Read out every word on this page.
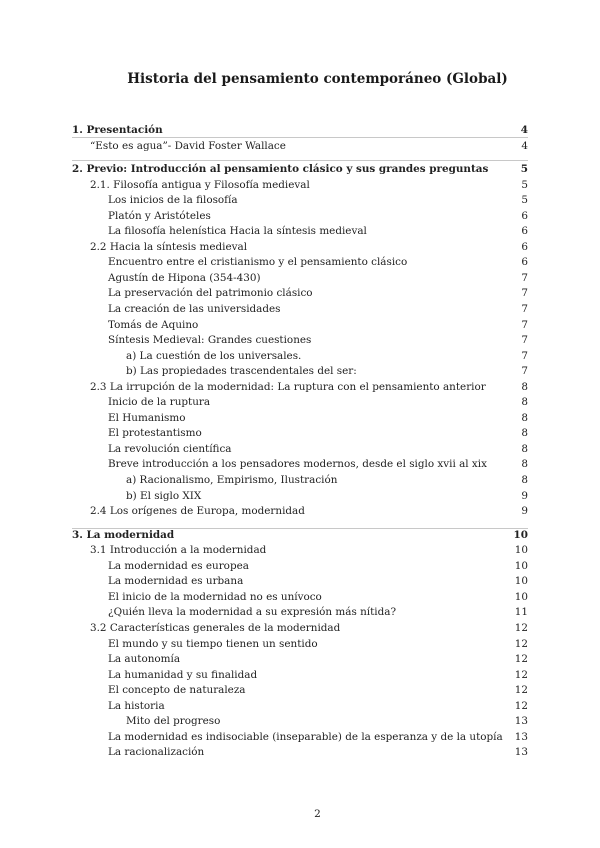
Historia del pensamiento contemporáneo (Global)
1. Presentación	4
“Esto es agua”- David Foster Wallace	4
2. Previo: Introducción al pensamiento clásico y sus grandes preguntas	5
2.1. Filosofía antigua y Filosofía medieval	5
Los inicios de la filosofía	5
Platón y Aristóteles	6
La filosofía helenística Hacia la síntesis medieval	6
2.2 Hacia la síntesis medieval	6
Encuentro entre el cristianismo y el pensamiento clásico	6
Agustín de Hipona (354-430)	7
La preservación del patrimonio clásico	7
La creación de las universidades	7
Tomás de Aquino	7
Síntesis Medieval: Grandes cuestiones	7
a) La cuestión de los universales.	7
b) Las propiedades trascendentales del ser:	7
2.3 La irrupción de la modernidad: La ruptura con el pensamiento anterior	8
Inicio de la ruptura	8
El Humanismo	8
El protestantismo	8
La revolución científica	8
Breve introducción a los pensadores modernos, desde el siglo xvii al xix	8
a) Racionalismo, Empirismo, Ilustración	8
b) El siglo XIX	9
2.4 Los orígenes de Europa, modernidad	9
3. La modernidad	10
3.1 Introducción a la modernidad	10
La modernidad es europea	10
La modernidad es urbana	10
El inicio de la modernidad no es unívoco	10
¿Quién lleva la modernidad a su expresión más nítida?	11
3.2 Características generales de la modernidad	12
El mundo y su tiempo tienen un sentido	12
La autonomía	12
La humanidad y su finalidad	12
El concepto de naturaleza	12
La historia	12
Mito del progreso	13
La modernidad es indisociable (inseparable) de la esperanza y de la utopía 13
La racionalización	13
2
